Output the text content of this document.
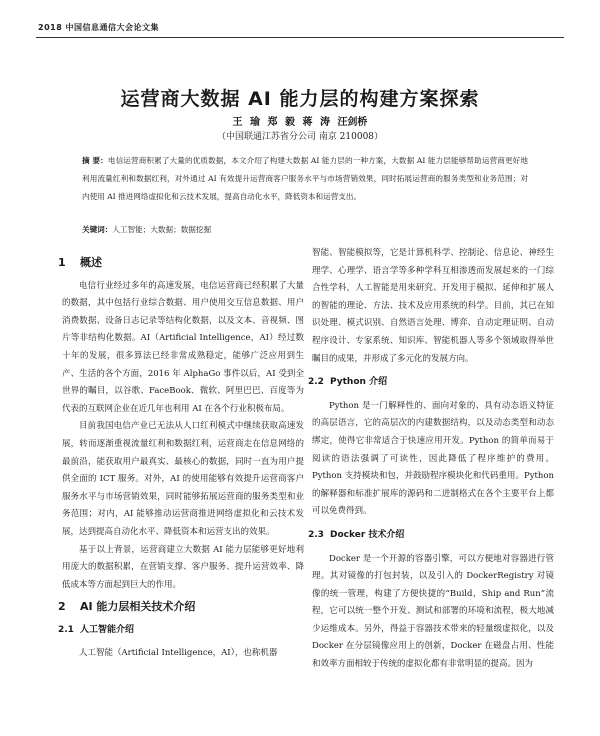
2018 中国信息通信大会论文集
运营商大数据 AI 能力层的构建方案探索
王 瑜 郑 毅 蒋 涛 汪剑桥
（中国联通江苏省分公司 南京 210008）
摘 要：电信运营商积累了大量的优质数据，本文介绍了构建大数据 AI 能力层的一种方案，大数据 AI 能力层能够帮助运营商更好地利用流量红利和数据红利，对外通过 AI 有效提升运营商客户服务水平与市场营销效果，同时拓展运营商的服务类型和业务范围；对内使用 AI 推进网络虚拟化和云技术发展，提高自动化水平，降低资本和运营支出。
关键词：人工智能；大数据；数据挖掘
1 概述

电信行业经过多年的高速发展，电信运营商已经积累了大量的数据，其中包括行业综合数据、用户使用交互信息数据、用户消费数据、设备日志记录等结构化数据，以及文本、音视频、图片等非结构化数据。AI（Artificial Intelligence，AI）经过数十年的发展，很多算法已经非常成熟稳定，能够广泛应用到生产、生活的各个方面，2016 年 AlphaGo 事件以后，AI 受到全世界的瞩目，以谷歌、FaceBook、微软、阿里巴巴、百度等为代表的互联网企业在近几年也利用 AI 在各个行业积极布局。

目前我国电信产业已无法从人口红利模式中继续获取高速发展，转而逐渐重视流量红利和数据红利，运营商走在信息网络的最前沿，能获取用户最真实、最核心的数据，同时一直为用户提供全面的 ICT 服务。对外，AI 的使用能够有效提升运营商客户服务水平与市场营销效果，同时能够拓展运营商的服务类型和业务范围；对内，AI 能够推动运营商推进网络虚拟化和云技术发展，达到提高自动化水平、降低资本和运营支出的效果。

基于以上背景，运营商建立大数据 AI 能力层能够更好地利用庞大的数据积累，在营销支撑、客户服务、提升运营效率、降低成本等方面起到巨大的作用。

2 AI 能力层相关技术介绍
2.1 人工智能介绍

人工智能（Artificial Intelligence，AI），也称机器

智能、智能模拟等，它是计算机科学、控制论、信息论、神经生理学、心理学、语言学等多种学科互相渗透而发展起来的一门综合性学科，人工智能是用来研究、开发用于模拟、延伸和扩展人的智能的理论、方法、技术及应用系统的科学。目前，其已在知识处理、模式识别、自然语言处理、博弈、自动定理证明、自动程序设计、专家系统、知识库、智能机器人等多个领域取得举世瞩目的成果，并形成了多元化的发展方向。

2.2 Python 介绍

Python 是一门解释性的、面向对象的、具有动态语义特征的高层语言，它的高层次的内建数据结构，以及动态类型和动态绑定，使得它非常适合于快速应用开发。Python 的简单而易于阅读的语法强调了可读性，因此降低了程序维护的费用。Python 支持模块和包，并鼓励程序模块化和代码重用。Python 的解释器和标准扩展库的源码和二进制格式在各个主要平台上都可以免费得到。

2.3 Docker 技术介绍

Docker 是一个开源的容器引擎，可以方便地对容器进行管理。其对镜像的打包封装，以及引入的 DockerRegistry 对镜像的统一管理，构建了方便快捷的“Build，Ship and Run”流程，它可以统一整个开发、测试和部署的环境和流程，极大地减少运维成本。另外，得益于容器技术带来的轻量级虚拟化，以及 Docker 在分层镜像应用上的创新，Docker 在磁盘占用、性能和效率方面相较于传统的虚拟化都有非常明显的提高。因为
